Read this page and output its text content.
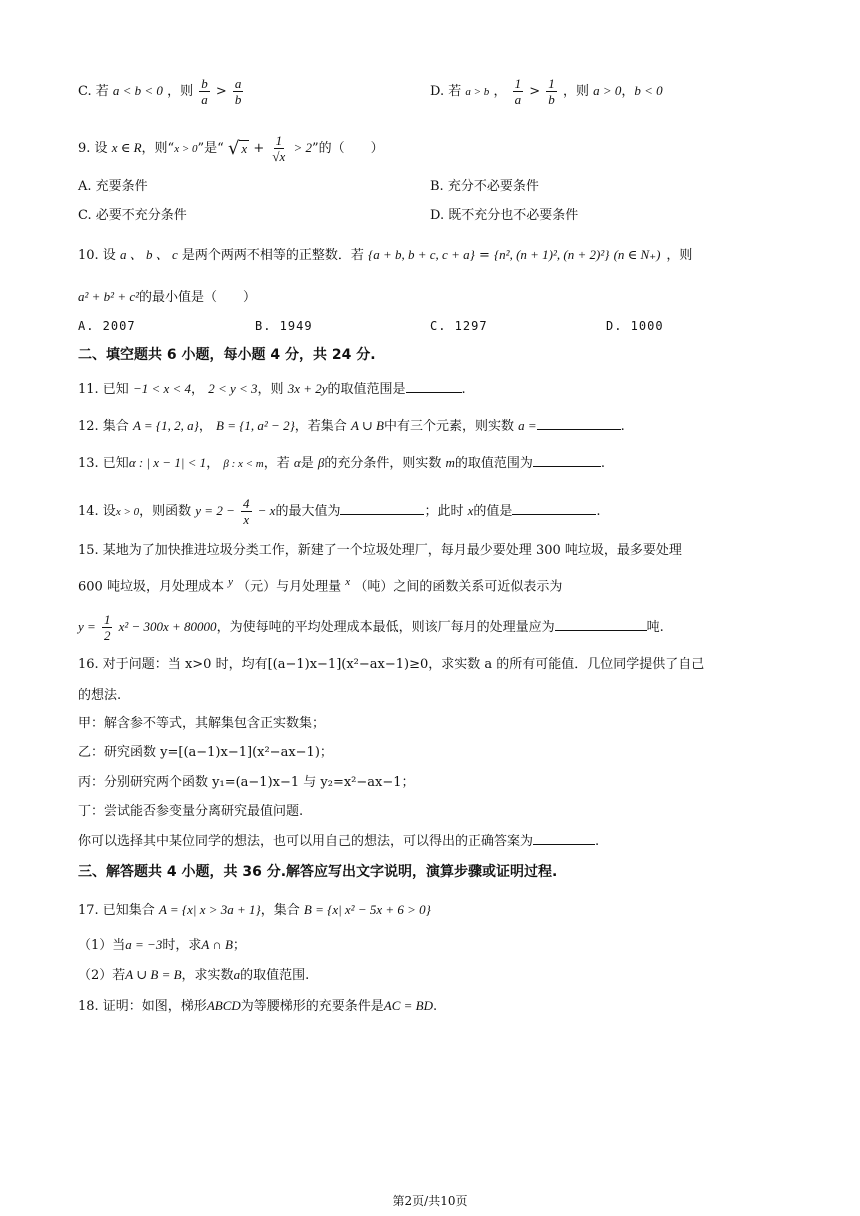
C. 若 a < b < 0 ，则 $\frac{b}{a} > \frac{a}{b}$	D. 若 a > b ， $\frac{1}{a} > \frac{1}{b}$ ，则 a > 0，b < 0
9. 设 x ∈ R，则“x > 0”是“ √ $x + \frac{1}{√x} > 2$”的（　　）
A. 充要条件	B. 充分不必要条件
C. 必要不充分条件	D. 既不充分也不必要条件
10. 设 a 、 b 、 c 是两个两两不相等的正整数．若 {a + b, b + c, c + a} = {n², (n + 1)², (n + 2)²} (n ∈ N₊) ，则
a² + b² + c²的最小值是（　　）
A. 2007	B. 1949	C. 1297	D. 1000
二、填空题共 6 小题，每小题 4 分，共 24 分.
11. 已知 −1 < x < 4， 2 < y < 3，则 3x + 2y的取值范围是	.
12. 集合 A = {1, 2, a}， B = {1, a² − 2}，若集合 A ∪ B中有三个元素，则实数 a =	.
13. 已知α : | x − 1| < 1， β : x < m，若 α是 β的充分条件，则实数 m的取值范围为	.
14. 设x > 0，则函数 $y = 2 - \frac{4}{x} - x$的最大值为	；此时 x的值是	.
15. 某地为了加快推进垃圾分类工作，新建了一个垃圾处理厂，每月最少要处理 300 吨垃圾，最多要处理
600 吨垃圾，月处理成本 $^y$ （元）与月处理量 $^x$ （吨）之间的函数关系可近似表示为
$y = \frac{1}{2} x^2 - 300x + 80000$，为使每吨的平均处理成本最低，则该厂每月的处理量应为	吨.
16. 对于问题：当 x>0 时，均有[(a−1)x−1](x²−ax−1)≥0，求实数 a 的所有可能值．几位同学提供了自己
的想法.
甲：解含参不等式，其解集包含正实数集；
乙：研究函数 y=[(a−1)x−1](x²−ax−1)；
丙：分别研究两个函数 y₁=(a−1)x−1 与 y₂=x²−ax−1；
丁：尝试能否参变量分离研究最值问题.
你可以选择其中某位同学的想法，也可以用自己的想法，可以得出的正确答案为	.
三、解答题共 4 小题，共 36 分.解答应写出文字说明，演算步骤或证明过程.
17. 已知集合 A = {x| x > 3a + 1}，集合 B = {x| x² − 5x + 6 > 0}
（1）当a = −3时，求A ∩ B；
（2）若A ∪ B = B，求实数a的取值范围.
18. 证明：如图，梯形ABCD为等腰梯形的充要条件是AC = BD.
第2页/共10页
